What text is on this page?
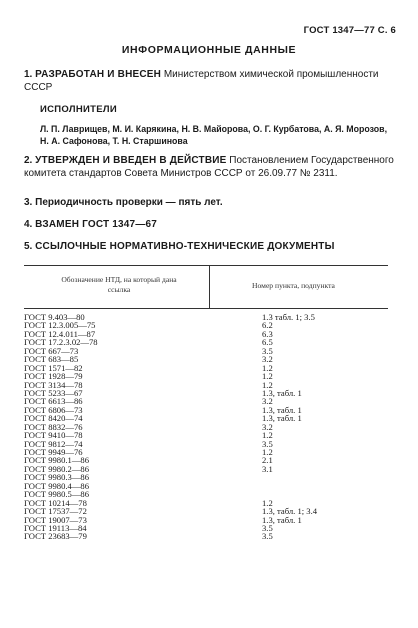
ГОСТ 1347—77 С. 6
ИНФОРМАЦИОННЫЕ ДАННЫЕ
1. РАЗРАБОТАН И ВНЕСЕН Министерством химической промышленности СССР
ИСПОЛНИТЕЛИ
Л. П. Лаврищев, М. И. Карякина, Н. В. Майорова, О. Г. Курбатова, А. Я. Морозов, Н. А. Сафонова, Т. Н. Старшинова
2. УТВЕРЖДЕН И ВВЕДЕН В ДЕЙСТВИЕ Постановлением Государственного комитета стандартов Совета Министров СССР от 26.09.77 № 2311.
3. Периодичность проверки — пять лет.
4. ВЗАМЕН ГОСТ 1347—67
5. ССЫЛОЧНЫЕ НОРМАТИВНО-ТЕХНИЧЕСКИЕ ДОКУМЕНТЫ
Обозначение НТД, на который дана ссылка	Номер пункта, подпункта
ГОСТ 9.403—80	1.3 табл. 1; 3.5
ГОСТ 12.3.005—75	6.2
ГОСТ 12.4.011—87	6.3
ГОСТ 17.2.3.02—78	6.5
ГОСТ 667—73	3.5
ГОСТ 683—85	3.2
ГОСТ 1571—82	1.2
ГОСТ 1928—79	1.2
ГОСТ 3134—78	1.2
ГОСТ 5233—67	1.3, табл. 1
ГОСТ 6613—86	3.2
ГОСТ 6806—73	1.3, табл. 1
ГОСТ 8420—74	1.3, табл. 1
ГОСТ 8832—76	3.2
ГОСТ 9410—78	1.2
ГОСТ 9812—74	3.5
ГОСТ 9949—76	1.2
ГОСТ 9980.1—86	2.1
ГОСТ 9980.2—86	3.1
ГОСТ 9980.3—86
ГОСТ 9980.4—86
ГОСТ 9980.5—86
ГОСТ 10214—78	1.2
ГОСТ 17537—72	1.3, табл. 1; 3.4
ГОСТ 19007—73	1.3, табл. 1
ГОСТ 19113—84	3.5
ГОСТ 23683—79	3.5
